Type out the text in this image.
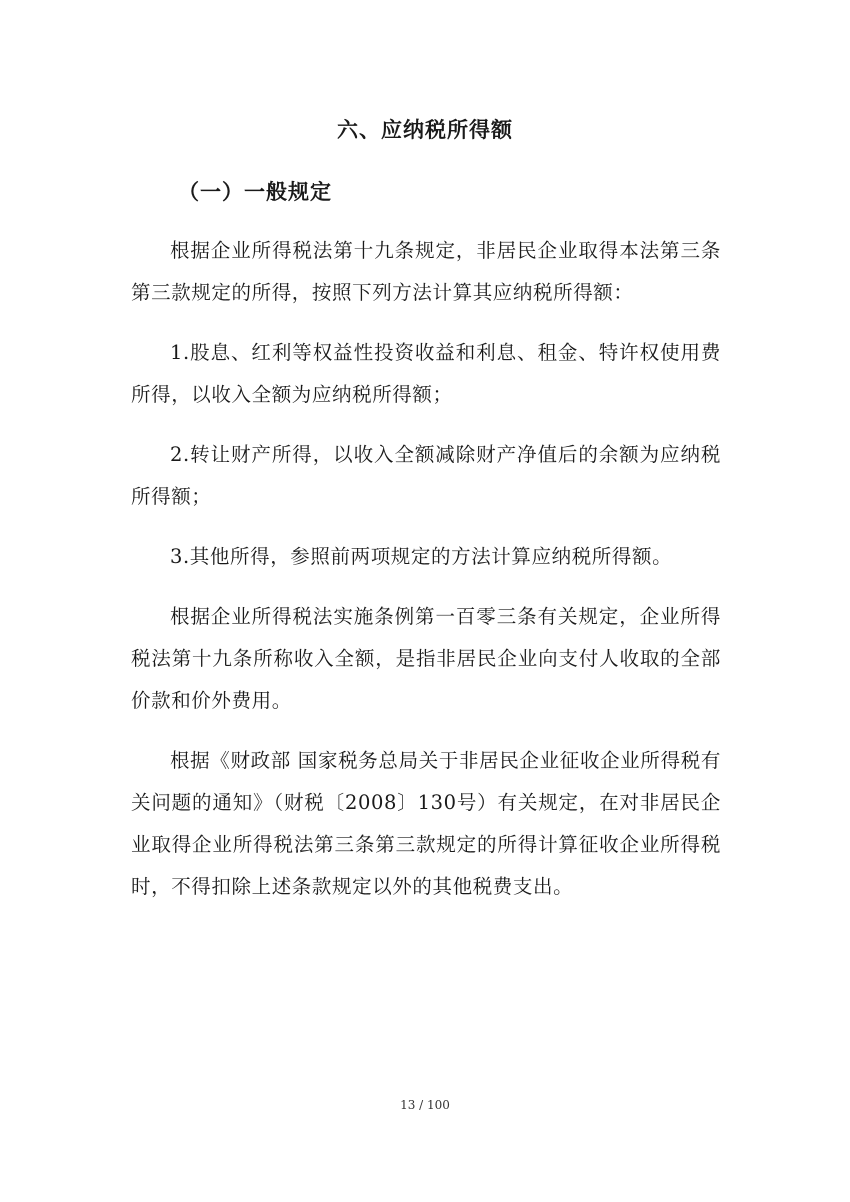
六、应纳税所得额
（一）一般规定

根据企业所得税法第十九条规定，非居民企业取得本法第三条第三款规定的所得，按照下列方法计算其应纳税所得额：

1.股息、红利等权益性投资收益和利息、租金、特许权使用费所得，以收入全额为应纳税所得额；

2.转让财产所得，以收入全额减除财产净值后的余额为应纳税所得额；

3.其他所得，参照前两项规定的方法计算应纳税所得额。

根据企业所得税法实施条例第一百零三条有关规定，企业所得税法第十九条所称收入全额，是指非居民企业向支付人收取的全部价款和价外费用。

根据《财政部 国家税务总局关于非居民企业征收企业所得税有关问题的通知》（财税〔2008〕130号）有关规定，在对非居民企业取得企业所得税法第三条第三款规定的所得计算征收企业所得税时，不得扣除上述条款规定以外的其他税费支出。

13 / 100
